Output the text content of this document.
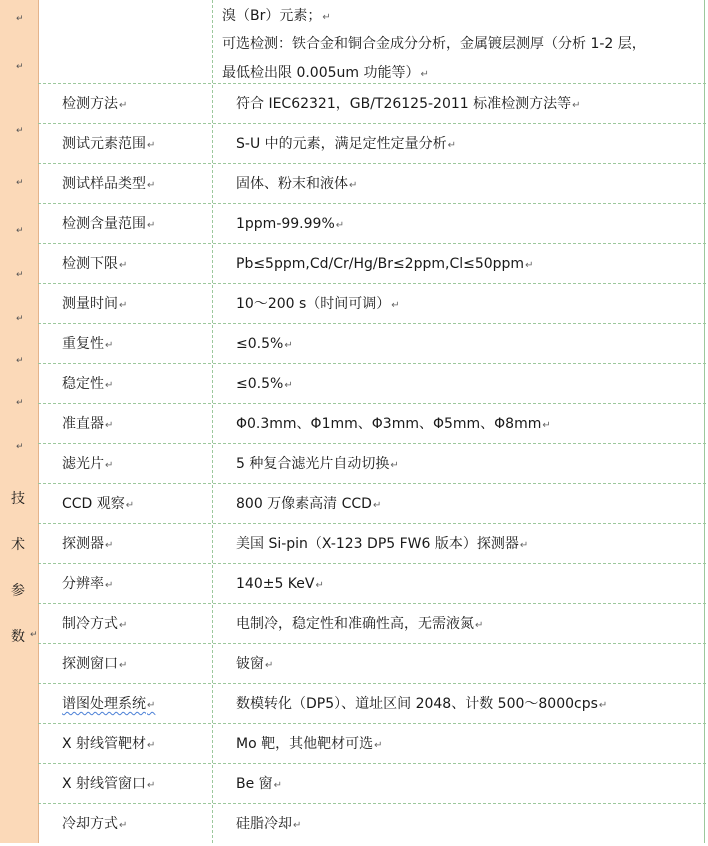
↵
↵
↵
↵
↵
↵
↵
↵
↵
↵
技
术
参
数 ↵
溴（Br）元素；↵
可选检测：铁合金和铜合金成分分析，金属镀层测厚（分析 1-2 层，
最低检出限 0.005um 功能等）↵
检测方法↵	符合 IEC62321，GB/T26125-2011 标准检测方法等↵
测试元素范围↵	S-U 中的元素，满足定性定量分析↵
测试样品类型↵	固体、粉末和液体↵
检测含量范围↵	1ppm-99.99%↵
检测下限↵	Pb≤5ppm,Cd/Cr/Hg/Br≤2ppm,Cl≤50ppm↵
测量时间↵	10～200 s（时间可调）↵
重复性↵	≤0.5%↵
稳定性↵	≤0.5%↵
准直器↵	Φ0.3mm、Φ1mm、Φ3mm、Φ5mm、Φ8mm↵
滤光片↵	5 种复合滤光片自动切换↵
CCD 观察↵	800 万像素高清 CCD↵
探测器↵	美国 Si-pin（X-123 DP5 FW6 版本）探测器↵
分辨率↵	140±5 KeV↵
制冷方式↵	电制冷，稳定性和准确性高，无需液氮↵
探测窗口↵	铍窗↵
谱图处理系统↵	数模转化（DP5）、道址区间 2048、计数 500～8000cps↵
X 射线管靶材↵	Mo 靶，其他靶材可选↵
X 射线管窗口↵	Be 窗↵
冷却方式↵	硅脂冷却↵
